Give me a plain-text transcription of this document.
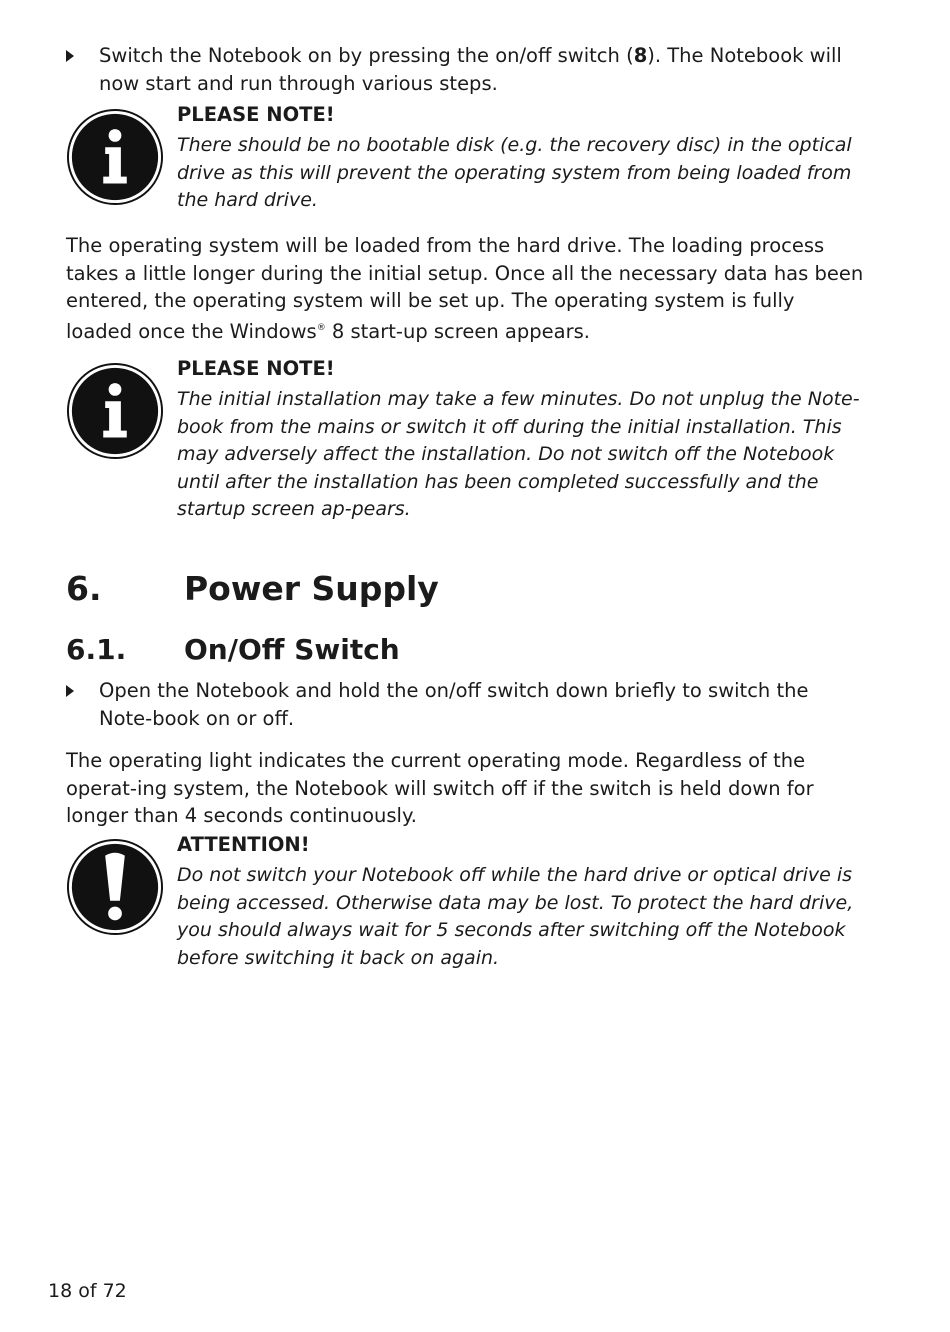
Switch the Notebook on by pressing the on/off switch (8). The Notebook will now start and run through various steps.
PLEASE NOTE!
There should be no bootable disk (e.g. the recovery disc) in the optical drive as this will prevent the operating system from being loaded from the hard drive.
The operating system will be loaded from the hard drive. The loading process takes a little longer during the initial setup. Once all the necessary data has been entered, the operating system will be set up. The operating system is fully loaded once the Windows® 8 start-up screen appears.
PLEASE NOTE!
The initial installation may take a few minutes. Do not unplug the Note-book from the mains or switch it off during the initial installation. This may adversely affect the installation. Do not switch off the Notebook until after the installation has been completed successfully and the startup screen ap-pears.
6.	Power Supply
6.1. On/Off Switch
Open the Notebook and hold the on/off switch down briefly to switch the Note-book on or off.
The operating light indicates the current operating mode. Regardless of the operat-ing system, the Notebook will switch off if the switch is held down for longer than 4 seconds continuously.
ATTENTION!
Do not switch your Notebook off while the hard drive or optical drive is being accessed. Otherwise data may be lost. To protect the hard drive, you should always wait for 5 seconds after switching off the Notebook before switching it back on again.
18 of 72
